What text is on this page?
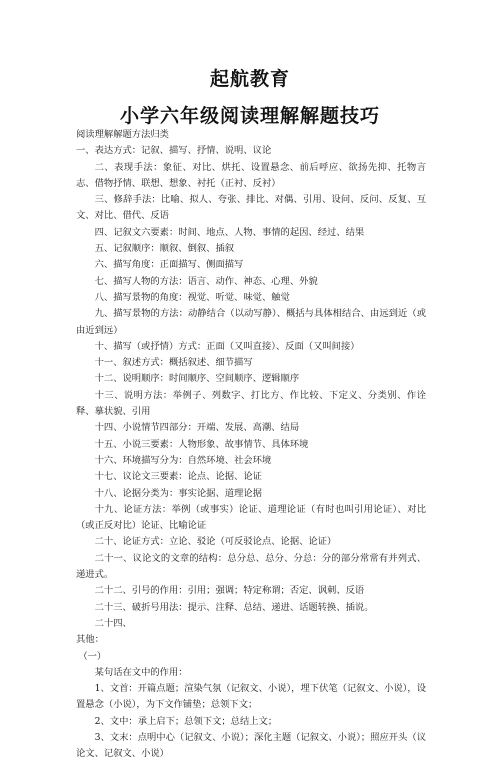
起航教育
小学六年级阅读理解解题技巧

阅读理解解题方法归类

一、表达方式：记叙、描写、抒情、说明、议论

二、表现手法：象征、对比、烘托、设置悬念、前后呼应、欲扬先抑、托物言志、借物抒情、联想、想象、衬托（正衬、反衬）

三、修辞手法：比喻、拟人、夸张、排比、对偶、引用、设问、反问、反复、互文、对比、借代、反语

四、记叙文六要素：时间、地点、人物、事情的起因、经过、结果

五、记叙顺序：顺叙、倒叙、插叙

六、描写角度：正面描写、侧面描写

七、描写人物的方法：语言、动作、神态、心理、外貌

八、描写景物的角度：视觉、听觉、味觉、触觉

九、描写景物的方法：动静结合（以动写静）、概括与具体相结合、由远到近（或由近到远）

十、描写（或抒情）方式：正面（又叫直接）、反面（又叫间接）

十一、叙述方式：概括叙述、细节描写

十二、说明顺序：时间顺序、空间顺序、逻辑顺序

十三、说明方法：举例子、列数字、打比方、作比较、下定义、分类别、作诠释、摹状貌、引用

十四、小说情节四部分：开端、发展、高潮、结局

十五、小说三要素：人物形象、故事情节、具体环境

十六、环境描写分为：自然环境、社会环境

十七、议论文三要素：论点、论据、论证

十八、论据分类为：事实论据、道理论据

十九、论证方法：举例（或事实）论证、道理论证（有时也叫引用论证）、对比（或正反对比）论证、比喻论证

二十、论证方式：立论、驳论（可反驳论点、论据、论证）

二十一、议论文的文章的结构：总分总、总分、分总：分的部分常常有并列式、递进式。

二十二、引号的作用：引用；强调；特定称谓；否定、讽刺、反语

二十三、破折号用法：提示、注释、总结、递进、话题转换、插说。

二十四、

其他：

（一）

某句话在文中的作用：

1、文首：开篇点题；渲染气氛（记叙文、小说），埋下伏笔（记叙文、小说），设置悬念（小说），为下文作铺垫；总领下文；

2、文中：承上启下；总领下文；总结上文；

3、文末：点明中心（记叙文、小说）；深化主题（记叙文、小说）；照应开头（议论文、记叙文、小说）
